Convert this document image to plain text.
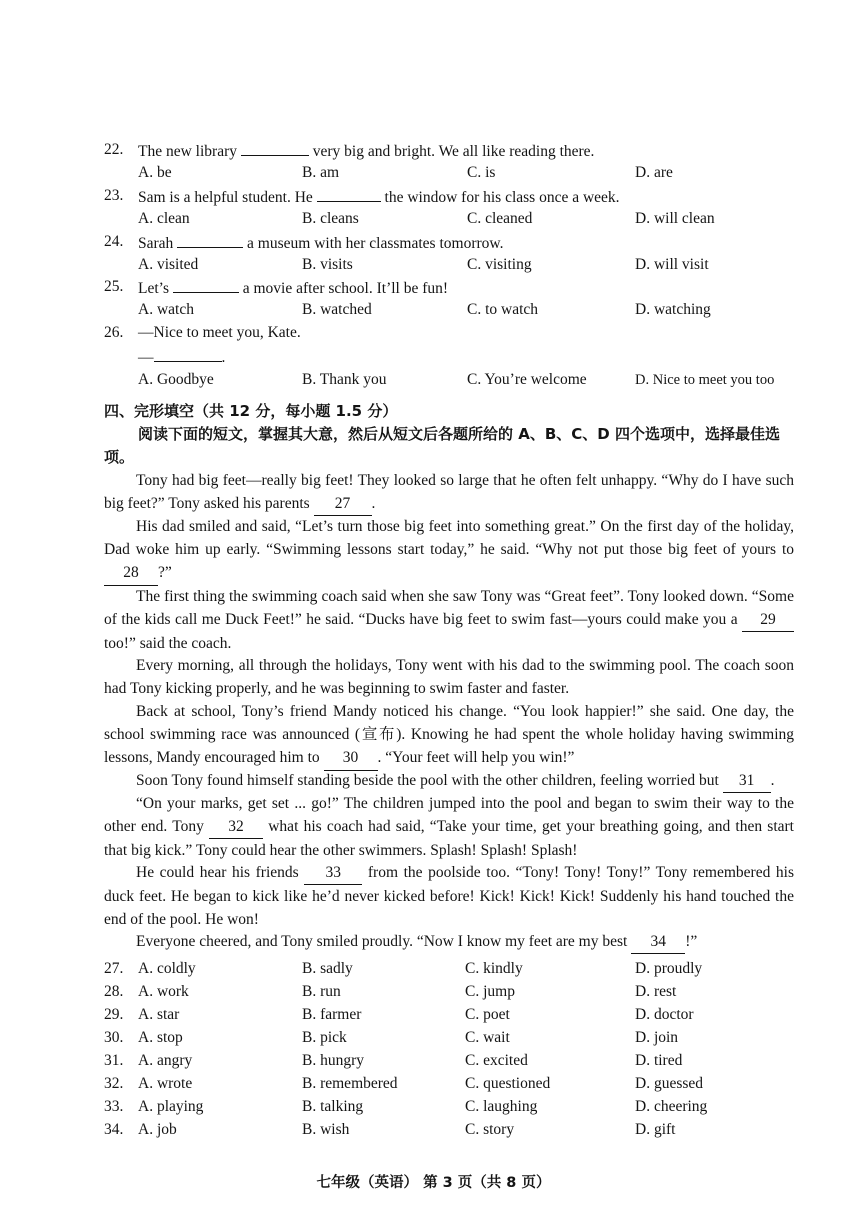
22. The new library	very big and bright. We all like reading there.
A. be	B. am	C. is	D. are
23. Sam is a helpful student. He	the window for his class once a week.
A. clean	B. cleans	C. cleaned	D. will clean
24. Sarah	a museum with her classmates tomorrow.
A. visited	B. visits	C. visiting	D. will visit
25. Let’s	a movie after school. It’ll be fun!
A. watch	B. watched	C. to watch	D. watching
26. —Nice to meet you, Kate.
—	.
A. Goodbye	B. Thank you	C. You’re welcome	D. Nice to meet you too
四、完形填空（共 12 分，每小题 1.5 分）
阅读下面的短文，掌握其大意，然后从短文后各题所给的 A、B、C、D 四个选项中，选择最佳选项。
Tony had big feet—really big feet! They looked so large that he often felt unhappy. “Why do I have such big feet?” Tony asked his parents 27 .
His dad smiled and said, “Let’s turn those big feet into something great.” On the first day of the holiday, Dad woke him up early. “Swimming lessons start today,” he said. “Why not put those big feet of yours to 28 ?”
The first thing the swimming coach said when she saw Tony was “Great feet”. Tony looked down. “Some of the kids call me Duck Feet!” he said. “Ducks have big feet to swim fast—yours could make you a 29 too!” said the coach.
Every morning, all through the holidays, Tony went with his dad to the swimming pool. The coach soon had Tony kicking properly, and he was beginning to swim faster and faster.
Back at school, Tony’s friend Mandy noticed his change. “You look happier!” she said. One day, the school swimming race was announced (宣布). Knowing he had spent the whole holiday having swimming lessons, Mandy encouraged him to 30 . “Your feet will help you win!”
Soon Tony found himself standing beside the pool with the other children, feeling worried but 31 .
“On your marks, get set ... go!” The children jumped into the pool and began to swim their way to the other end. Tony 32 what his coach had said, “Take your time, get your breathing going, and then start that big kick.” Tony could hear the other swimmers. Splash! Splash! Splash!
He could hear his friends 33 from the poolside too. “Tony! Tony! Tony!” Tony remembered his duck feet. He began to kick like he’d never kicked before! Kick! Kick! Kick! Suddenly his hand touched the end of the pool. He won!
Everyone cheered, and Tony smiled proudly. “Now I know my feet are my best 34 !”
27. A. coldly	B. sadly	C. kindly	D. proudly
28. A. work	B. run	C. jump	D. rest
29. A. star	B. farmer	C. poet	D. doctor
30. A. stop	B. pick	C. wait	D. join
31. A. angry	B. hungry	C. excited	D. tired
32. A. wrote	B. remembered	C. questioned	D. guessed
33. A. playing	B. talking	C. laughing	D. cheering
34. A. job	B. wish	C. story	D. gift
七年级（英语） 第 3 页（共 8 页）
